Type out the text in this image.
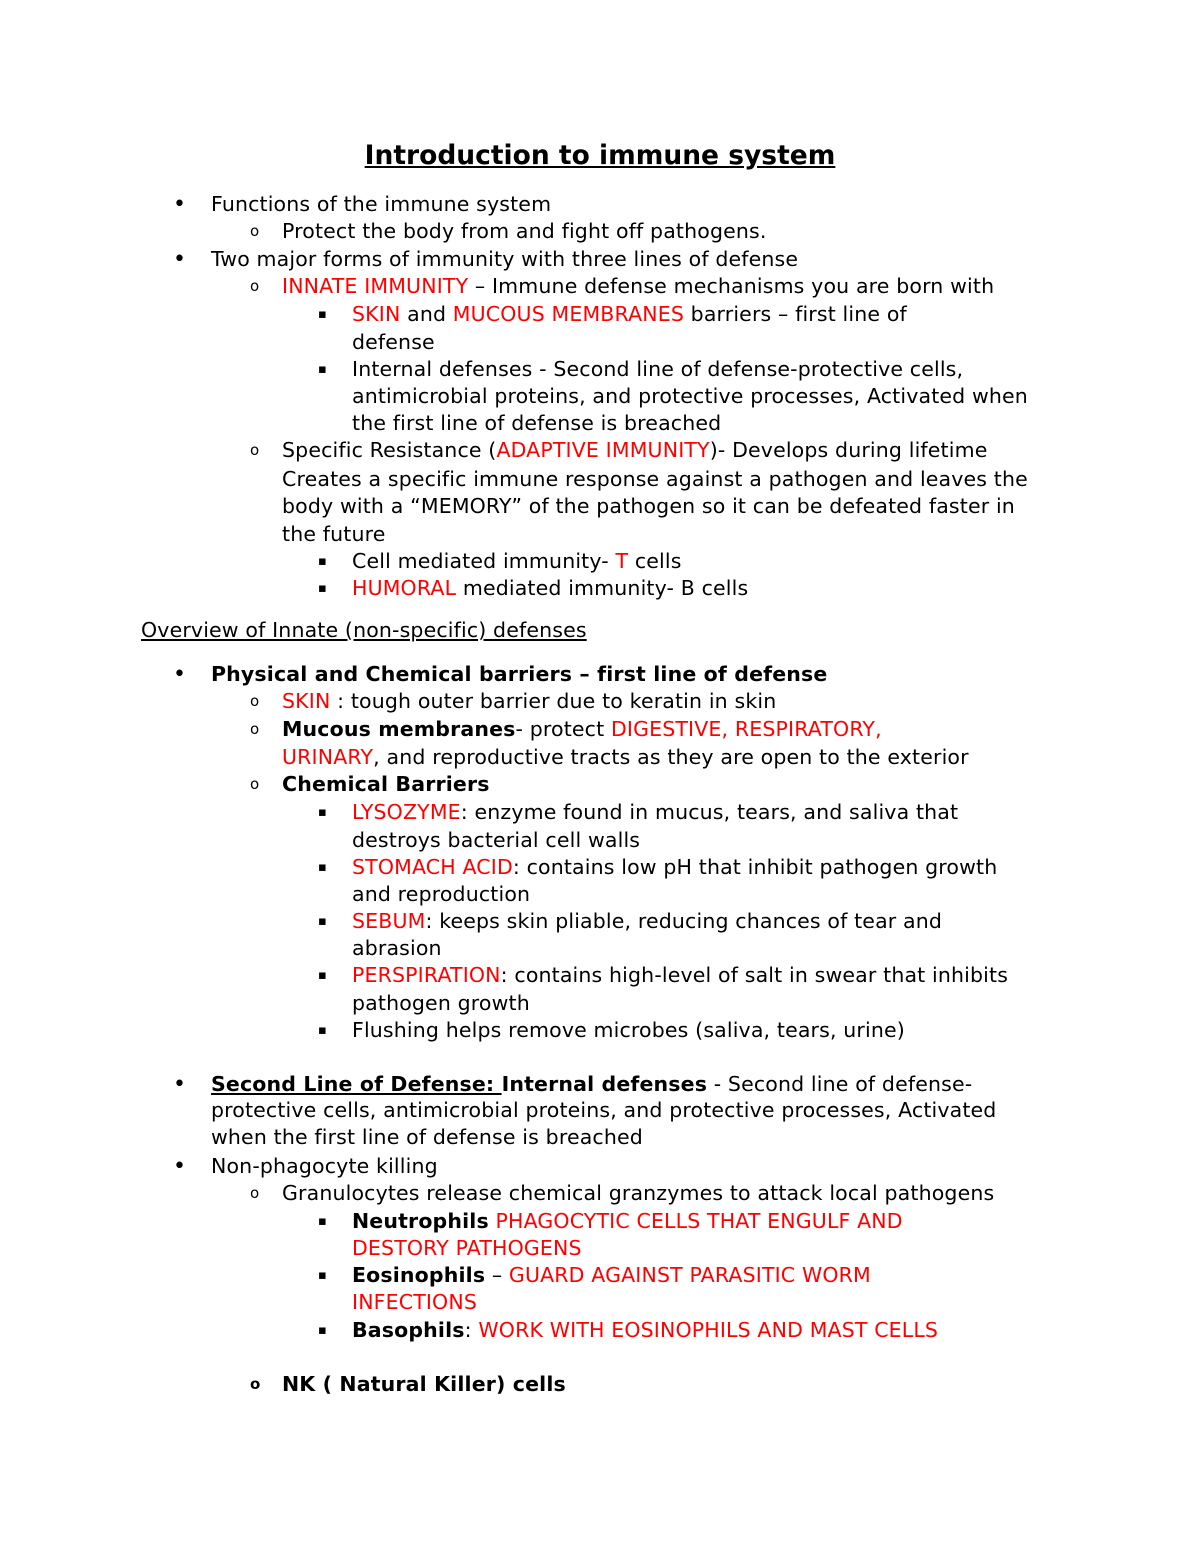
Introduction to immune system
• Functions of the immune system
o Protect the body from and fight off pathogens.
• Two major forms of immunity with three lines of defense
o INNATE IMMUNITY – Immune defense mechanisms you are born with
▪ SKIN and MUCOUS MEMBRANES barriers – first line of
defense
▪ Internal defenses - Second line of defense-protective cells,
antimicrobial proteins, and protective processes, Activated when
the first line of defense is breached
o Specific Resistance (ADAPTIVE IMMUNITY)- Develops during lifetime
Creates a specific immune response against a pathogen and leaves the
body with a “MEMORY” of the pathogen so it can be defeated faster in
the future
▪ Cell mediated immunity- T cells
▪ HUMORAL mediated immunity- B cells
Overview of Innate (non-specific) defenses
• Physical and Chemical barriers – first line of defense
o SKIN : tough outer barrier due to keratin in skin
o Mucous membranes- protect DIGESTIVE, RESPIRATORY,
URINARY, and reproductive tracts as they are open to the exterior
o Chemical Barriers
▪ LYSOZYME: enzyme found in mucus, tears, and saliva that
destroys bacterial cell walls
▪ STOMACH ACID: contains low pH that inhibit pathogen growth
and reproduction
▪ SEBUM: keeps skin pliable, reducing chances of tear and
abrasion
▪ PERSPIRATION: contains high-level of salt in swear that inhibits
pathogen growth
▪ Flushing helps remove microbes (saliva, tears, urine)
• Second Line of Defense: Internal defenses - Second line of defense-
protective cells, antimicrobial proteins, and protective processes, Activated
when the first line of defense is breached
• Non-phagocyte killing
o Granulocytes release chemical granzymes to attack local pathogens
▪ Neutrophils PHAGOCYTIC CELLS THAT ENGULF AND
DESTORY PATHOGENS
▪ Eosinophils – GUARD AGAINST PARASITIC WORM
INFECTIONS
▪ Basophils: WORK WITH EOSINOPHILS AND MAST CELLS
o NK ( Natural Killer) cells
